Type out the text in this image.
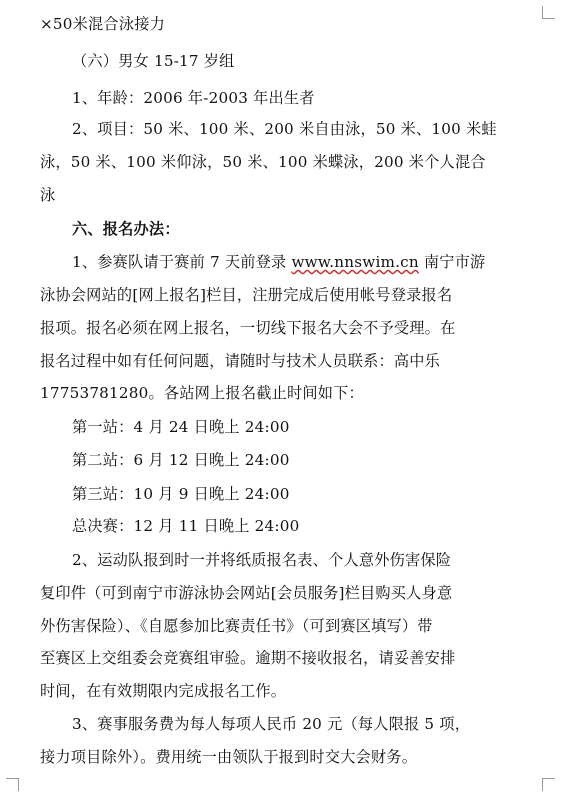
×50米混合泳接力
（六）男女 15-17 岁组
1、年龄：2006 年-2003 年出生者
2、项目：50 米、100 米、200 米自由泳，50 米、100 米蛙
泳，50 米、100 米仰泳，50 米、100 米蝶泳，200 米个人混合
泳
六、报名办法：
1、参赛队请于赛前 7 天前登录 www.nnswim.cn 南宁市游
泳协会网站的[网上报名]栏目，注册完成后使用帐号登录报名
报项。报名必须在网上报名，一切线下报名大会不予受理。在
报名过程中如有任何问题，请随时与技术人员联系：高中乐
17753781280。各站网上报名截止时间如下：
第一站：4 月 24 日晚上 24:00
第二站：6 月 12 日晚上 24:00
第三站：10 月 9 日晚上 24:00
总决赛：12 月 11 日晚上 24:00
2、运动队报到时一并将纸质报名表、个人意外伤害保险
复印件（可到南宁市游泳协会网站[会员服务]栏目购买人身意
外伤害保险）、《自愿参加比赛责任书》（可到赛区填写）带
至赛区上交组委会竞赛组审验。逾期不接收报名，请妥善安排
时间，在有效期限内完成报名工作。
3、赛事服务费为每人每项人民币 20 元（每人限报 5 项，
接力项目除外）。费用统一由领队于报到时交大会财务。
